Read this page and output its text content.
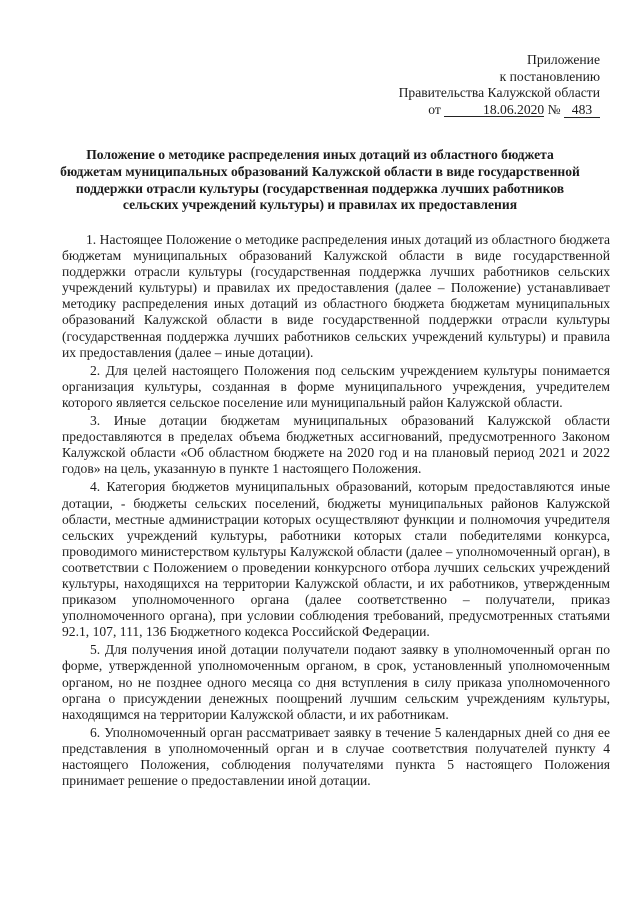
Приложение
к постановлению
Правительства Калужской области
от	18.06.2020 № 483
Положение о методике распределения иных дотаций из областного бюджета
бюджетам муниципальных образований Калужской области в виде государственной
поддержки отрасли культуры (государственная поддержка лучших работников
сельских учреждений культуры) и правилах их предоставления

1. Настоящее Положение о методике распределения иных дотаций из областного бюджета бюджетам муниципальных образований Калужской области в виде государственной поддержки отрасли культуры (государственная поддержка лучших работников сельских учреждений культуры) и правилах их предоставления (далее – Положение) устанавливает методику распределения иных дотаций из областного бюджета бюджетам муниципальных образований Калужской области в виде государственной поддержки отрасли культуры (государственная поддержка лучших работников сельских учреждений культуры) и правила их предоставления (далее – иные дотации).

2. Для целей настоящего Положения под сельским учреждением культуры понимается организация культуры, созданная в форме муниципального учреждения, учредителем которого является сельское поселение или муниципальный район Калужской области.

3. Иные дотации бюджетам муниципальных образований Калужской области предоставляются в пределах объема бюджетных ассигнований, предусмотренного Законом Калужской области «Об областном бюджете на 2020 год и на плановый период 2021 и 2022 годов» на цель, указанную в пункте 1 настоящего Положения.

4. Категория бюджетов муниципальных образований, которым предоставляются иные дотации, - бюджеты сельских поселений, бюджеты муниципальных районов Калужской области, местные администрации которых осуществляют функции и полномочия учредителя сельских учреждений культуры, работники которых стали победителями конкурса, проводимого министерством культуры Калужской области (далее – уполномоченный орган), в соответствии с Положением о проведении конкурсного отбора лучших сельских учреждений культуры, находящихся на территории Калужской области, и их работников, утвержденным приказом уполномоченного органа (далее соответственно – получатели, приказ уполномоченного органа), при условии соблюдения требований, предусмотренных статьями 92.1, 107, 111, 136 Бюджетного кодекса Российской Федерации.

5. Для получения иной дотации получатели подают заявку в уполномоченный орган по форме, утвержденной уполномоченным органом, в срок, установленный уполномоченным органом, но не позднее одного месяца со дня вступления в силу приказа уполномоченного органа о присуждении денежных поощрений лучшим сельским учреждениям культуры, находящимся на территории Калужской области, и их работникам.

6. Уполномоченный орган рассматривает заявку в течение 5 календарных дней со дня ее представления в уполномоченный орган и в случае соответствия получателей пункту 4 настоящего Положения, соблюдения получателями пункта 5 настоящего Положения принимает решение о предоставлении иной дотации.
